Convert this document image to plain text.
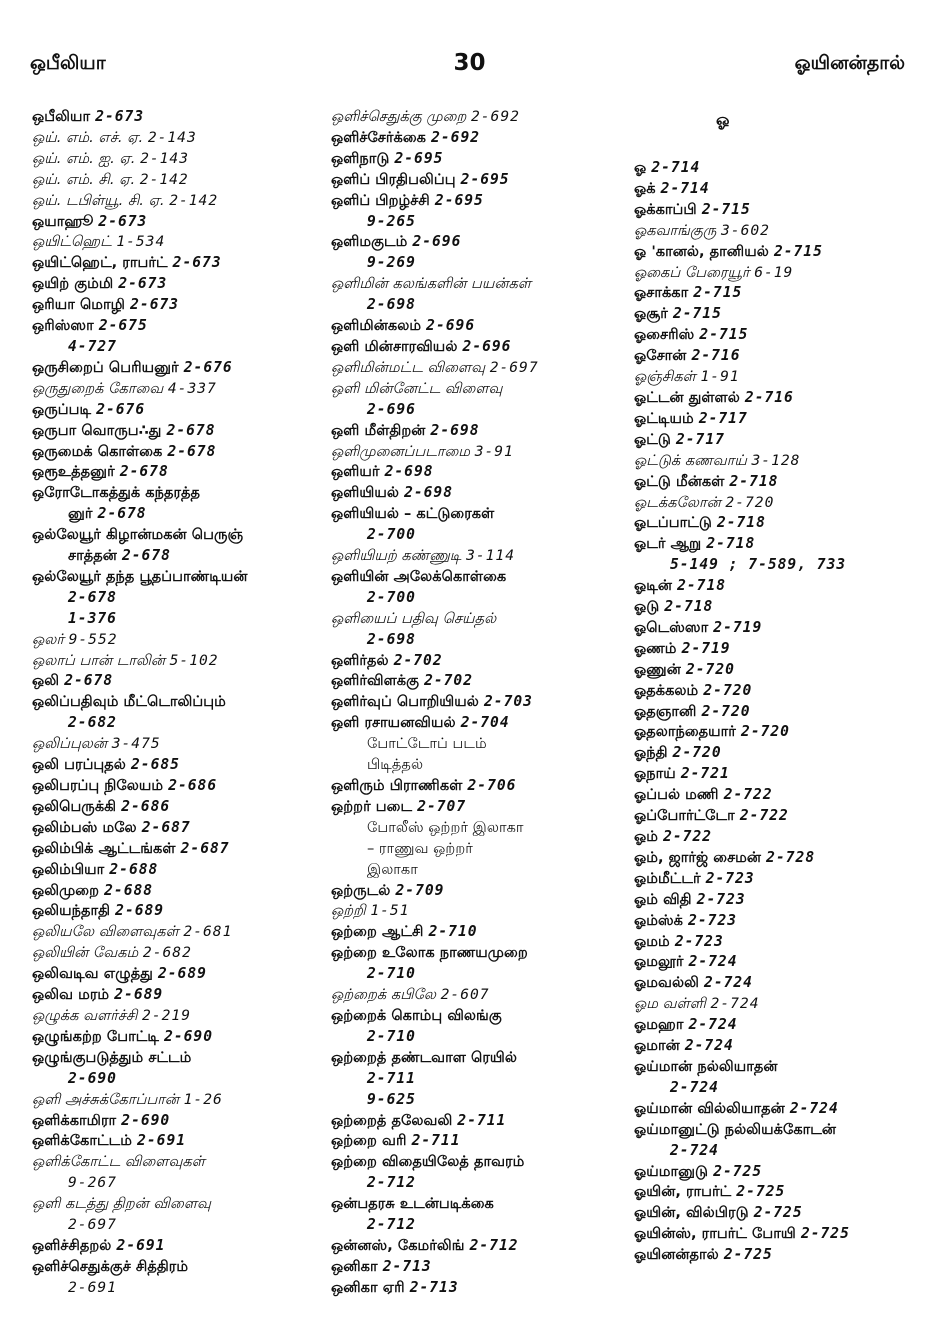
ஒபீலியா	30	ஓயினன்தால்
ஒபீலியா 2-673
ஒய். எம். எச். ஏ. 2-143
ஒய். எம். ஐ. ஏ. 2-143
ஒய். எம். சி. ஏ. 2-142
ஒய். டபிள்யூ. சி. ஏ. 2-142
ஒயாஹூ 2-673
ஒயிட்ஹெட் 1-534
ஒயிட்ஹெட், ராபர்ட் 2-673
ஒயிற் கும்மி 2-673
ஒரியா மொழி 2-673
ஒரிஸ்ஸா 2-675
4-727
ஒருசிறைப் பெரியனுர் 2-676
ஒருதுறைக் கோவை 4-337
ஒருப்படி 2-676
ஒருபா வொருப∴து 2-678
ஒருமைக் கொள்கை 2-678
ஒரூஉத்தனுர் 2-678
ஒரோடோகத்துக் கந்தரத்த
னுர் 2-678
ஒல்லேயூர் கிழான்மகன் பெருஞ்
சாத்தன் 2-678
ஒல்லேயூர் தந்த பூதப்பாண்டியன்
2-678
1-376
ஒலர் 9-552
ஒலாப் பான் டாலின் 5-102
ஒலி 2-678
ஒலிப்பதிவும் மீட்டொலிப்பும்
2-682
ஒலிப்புலன் 3-475
ஒலி பரப்புதல் 2-685
ஒலிபரப்பு நிலேயம் 2-686
ஒலிபெருக்கி 2-686
ஒலிம்பஸ் மலே 2-687
ஒலிம்பிக் ஆட்டங்கள் 2-687
ஒலிம்பியா 2-688
ஒலிமுறை 2-688
ஒலியந்தாதி 2-689
ஒலியலே விளைவுகள் 2-681
ஒலியின் வேகம் 2-682
ஒலிவடிவ எழுத்து 2-689
ஒலிவ மரம் 2-689
ஒழுக்க வளர்ச்சி 2-219
ஒழுங்கற்ற போட்டி 2-690
ஒழுங்குபடுத்தும் சட்டம்
2-690
ஒளி அச்சுக்கோப்பான் 1-26
ஒளிக்காமிரா 2-690
ஒளிக்கோட்டம் 2-691
ஒளிக்கோட்ட விளைவுகள்
9-267
ஒளி கடத்து திறன் விளைவு
2-697
ஒளிச்சிதறல் 2-691
ஒளிச்செதுக்குச் சித்திரம்
2-691
ஒளிச்செதுக்கு முறை 2-692
ஒளிச்சேர்க்கை 2-692
ஒளிநாடு 2-695
ஒளிப் பிரதிபலிப்பு 2-695
ஒளிப் பிறழ்ச்சி 2-695
9-265
ஒளிமகுடம் 2-696
9-269
ஒளிமின் கலங்களின் பயன்கள்
2-698
ஒளிமின்கலம் 2-696
ஒளி மின்சாரவியல் 2-696
ஒளிமின்மட்ட விளைவு 2-697
ஒளி மின்னேட்ட விளைவு
2-696
ஒளி மீள்திறன் 2-698
ஒளிமுனைப்படாமை 3-91
ஒளியர் 2-698
ஒளியியல் 2-698
ஒளியியல் – கட்டுரைகள்
2-700
ஒளியியற் கண்ணுடி 3-114
ஒளியின் அலேக்கொள்கை
2-700
ஒளியைப் பதிவு செய்தல்
2-698
ஒளிர்தல் 2-702
ஒளிர்விளக்கு 2-702
ஒளிர்வுப் பொறியியல் 2-703
ஒளி ரசாயனவியல் 2-704
போட்டோப் படம்
பிடித்தல்
ஒளிரும் பிராணிகள் 2-706
ஒற்றர் படை 2-707
போலீஸ் ஒற்றர் இலாகா
– ராணுவ ஒற்றர்
இலாகா
ஒற்ருடல் 2-709
ஒற்றி 1-51
ஒற்றை ஆட்சி 2-710
ஒற்றை உலோக நாணயமுறை
2-710
ஒற்றைக் கபிலே 2-607
ஒற்றைக் கொம்பு விலங்கு
2-710
ஒற்றைத் தண்டவாள ரெயில்
2-711
9-625
ஒற்றைத் தலேவலி 2-711
ஒற்றை வரி 2-711
ஒற்றை விதையிலேத் தாவரம்
2-712
ஒன்பதரசு உடன்படிக்கை
2-712
ஒன்னஸ், கேமர்லிங் 2-712
ஒனிகா 2-713
ஒனிகா ஏரி 2-713
ஓ
ஓ 2-714
ஓக் 2-714
ஓக்காப்பி 2-715
ஓகவாங்குரு 3-602
ஓ 'கானல், தானியல் 2-715
ஓகைப் பேரையூர் 6-19
ஓசாக்கா 2-715
ஓசூர் 2-715
ஓசைரிஸ் 2-715
ஓசோன் 2-716
ஓஞ்சிகள் 1-91
ஓட்டன் துள்ளல் 2-716
ஓட்டியம் 2-717
ஓட்டு 2-717
ஓட்டுக் கணவாய் 3-128
ஓட்டு மீன்கள் 2-718
ஓடக்கலோன் 2-720
ஓடப்பாட்டு 2-718
ஓடர் ஆறு 2-718
5-149 ; 7-589, 733
ஓடின் 2-718
ஓடு 2-718
ஓடெஸ்ஸா 2-719
ஓணம் 2-719
ஓணுன் 2-720
ஓதக்கலம் 2-720
ஓதஞானி 2-720
ஓதலாந்தையார் 2-720
ஓந்தி 2-720
ஓநாய் 2-721
ஓப்பல் மணி 2-722
ஓப்போர்ட்டோ 2-722
ஓம் 2-722
ஓம், ஜார்ஜ் சைமன் 2-728
ஓம்மீட்டர் 2-723
ஓம் விதி 2-723
ஓம்ஸ்க் 2-723
ஓமம் 2-723
ஓமலூர் 2-724
ஓமவல்லி 2-724
ஓம வள்ளி 2-724
ஓமஹா 2-724
ஓமான் 2-724
ஓய்மான் நல்லியாதன்
2-724
ஓய்மான் வில்லியாதன் 2-724
ஓய்மானுட்டு நல்லியக்கோடன்
2-724
ஓய்மானுடு 2-725
ஓயின், ராபர்ட் 2-725
ஓயின், வில்பிரடு 2-725
ஓயின்ஸ், ராபர்ட் போயி 2-725
ஓயினன்தால் 2-725
